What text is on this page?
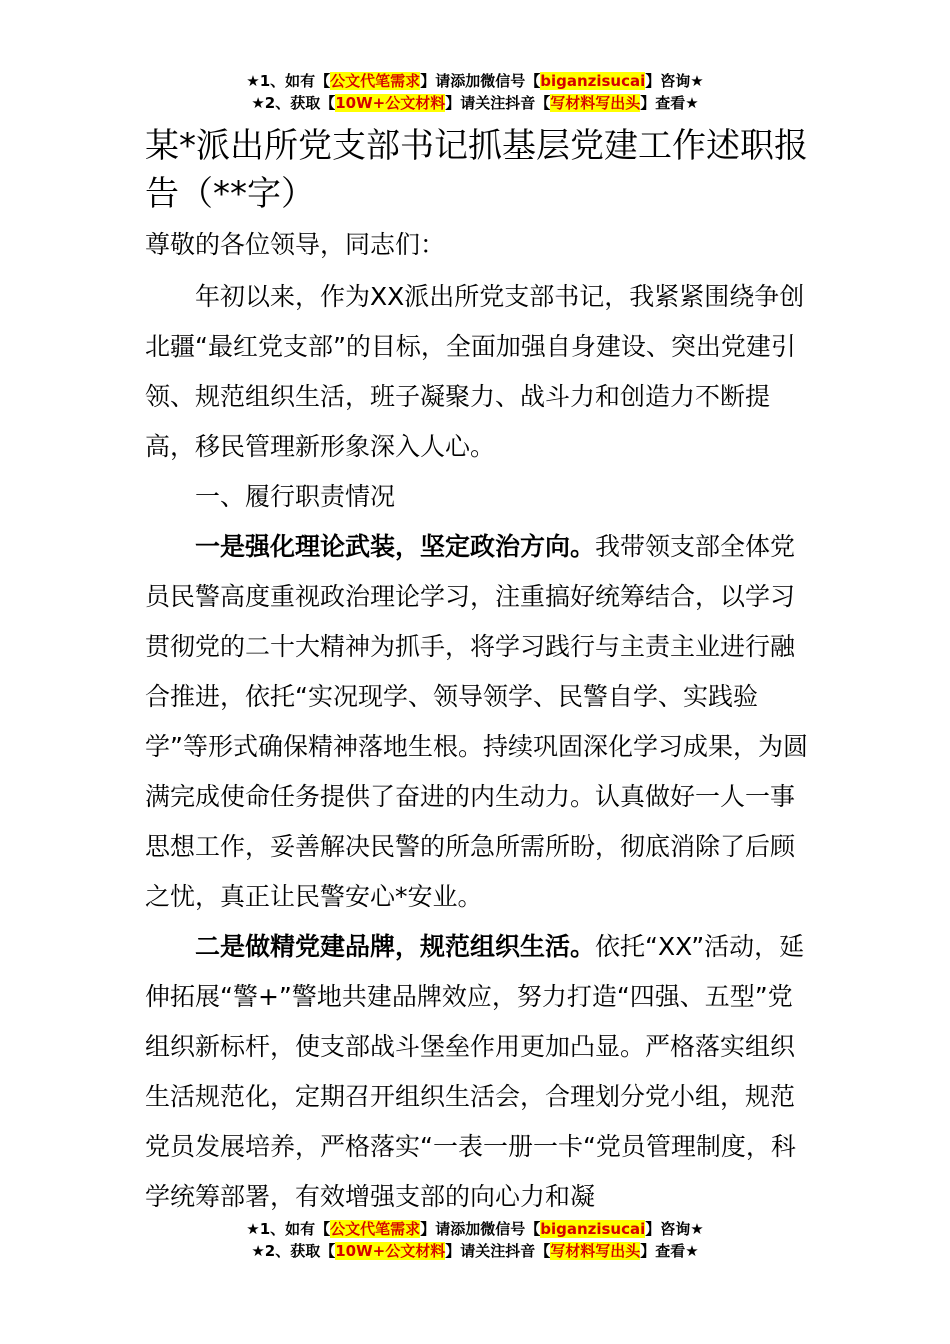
★1、如有【公文代笔需求】请添加微信号【biganzisucai】咨询★
★2、获取【10W+公文材料】请关注抖音【写材料写出头】查看★
某*派出所党支部书记抓基层党建工作述职报告（**字）
尊敬的各位领导，同志们：

年初以来，作为XX派出所党支部书记，我紧紧围绕争创北疆“最红党支部”的目标，全面加强自身建设、突出党建引领、规范组织生活，班子凝聚力、战斗力和创造力不断提高，移民管理新形象深入人心。

一、履行职责情况

一是强化理论武装，坚定政治方向。我带领支部全体党员民警高度重视政治理论学习，注重搞好统筹结合，以学习贯彻党的二十大精神为抓手，将学习践行与主责主业进行融合推进，依托“实况现学、领导领学、民警自学、实践验学”等形式确保精神落地生根。持续巩固深化学习成果，为圆满完成使命任务提供了奋进的内生动力。认真做好一人一事思想工作，妥善解决民警的所急所需所盼，彻底消除了后顾之忧，真正让民警安心*安业。

二是做精党建品牌，规范组织生活。依托“XX”活动，延伸拓展“警+”警地共建品牌效应，努力打造“四强、五型”党组织新标杆，使支部战斗堡垒作用更加凸显。严格落实组织生活规范化，定期召开组织生活会，合理划分党小组，规范党员发展培养，严格落实“一表一册一卡“党员管理制度，科学统筹部署，有效增强支部的向心力和凝

★1、如有【公文代笔需求】请添加微信号【biganzisucai】咨询★
★2、获取【10W+公文材料】请关注抖音【写材料写出头】查看★
